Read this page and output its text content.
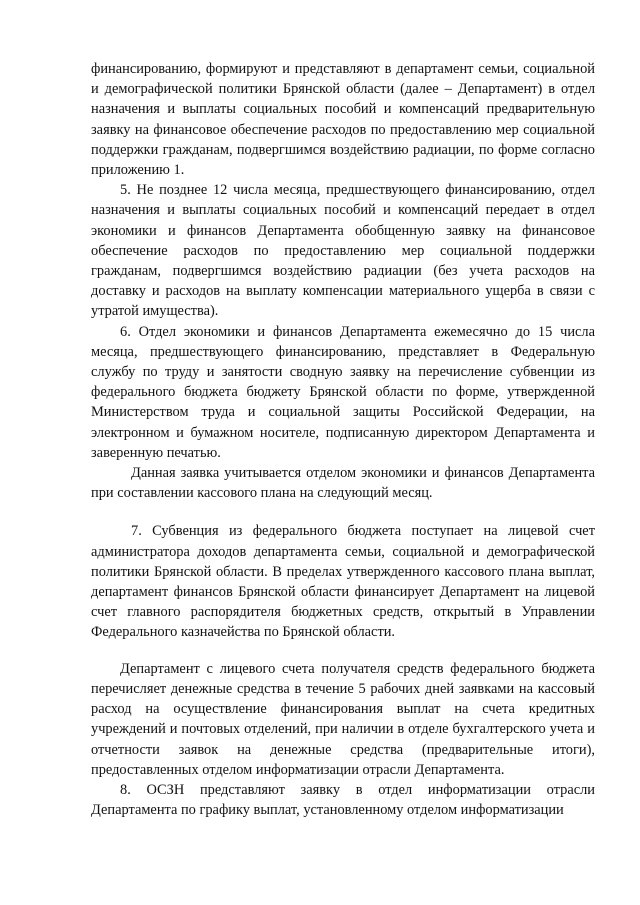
финансированию, формируют и представляют в департамент семьи, социальной и демографической политики Брянской области (далее – Департамент) в отдел назначения и выплаты социальных пособий и компенсаций предварительную заявку на финансовое обеспечение расходов по предоставлению мер социальной поддержки гражданам, подвергшимся воздействию радиации, по форме согласно приложению 1.

5. Не позднее 12 числа месяца, предшествующего финансированию, отдел назначения и выплаты социальных пособий и компенсаций передает в отдел экономики и финансов Департамента обобщенную заявку на финансовое обеспечение расходов по предоставлению мер социальной поддержки гражданам, подвергшимся воздействию радиации (без учета расходов на доставку и расходов на выплату компенсации материального ущерба в связи с утратой имущества).

6. Отдел экономики и финансов Департамента ежемесячно до 15 числа месяца, предшествующего финансированию, представляет в Федеральную службу по труду и занятости сводную заявку на перечисление субвенции из федерального бюджета бюджету Брянской области по форме, утвержденной Министерством труда и социальной защиты Российской Федерации, на электронном и бумажном носителе, подписанную директором Департамента и заверенную печатью.

Данная заявка учитывается отделом экономики и финансов Департамента при составлении кассового плана на следующий месяц.

7. Субвенция из федерального бюджета поступает на лицевой счет администратора доходов департамента семьи, социальной и демографической политики Брянской области. В пределах утвержденного кассового плана выплат, департамент финансов Брянской области финансирует Департамент на лицевой счет главного распорядителя бюджетных средств, открытый в Управлении Федерального казначейства по Брянской области.

Департамент с лицевого счета получателя средств федерального бюджета перечисляет денежные средства в течение 5 рабочих дней заявками на кассовый расход на осуществление финансирования выплат на счета кредитных учреждений и почтовых отделений, при наличии в отделе бухгалтерского учета и отчетности заявок на денежные средства (предварительные итоги), предоставленных отделом информатизации отрасли Департамента.

8. ОСЗН представляют заявку в отдел информатизации отрасли Департамента по графику выплат, установленному отделом информатизации
